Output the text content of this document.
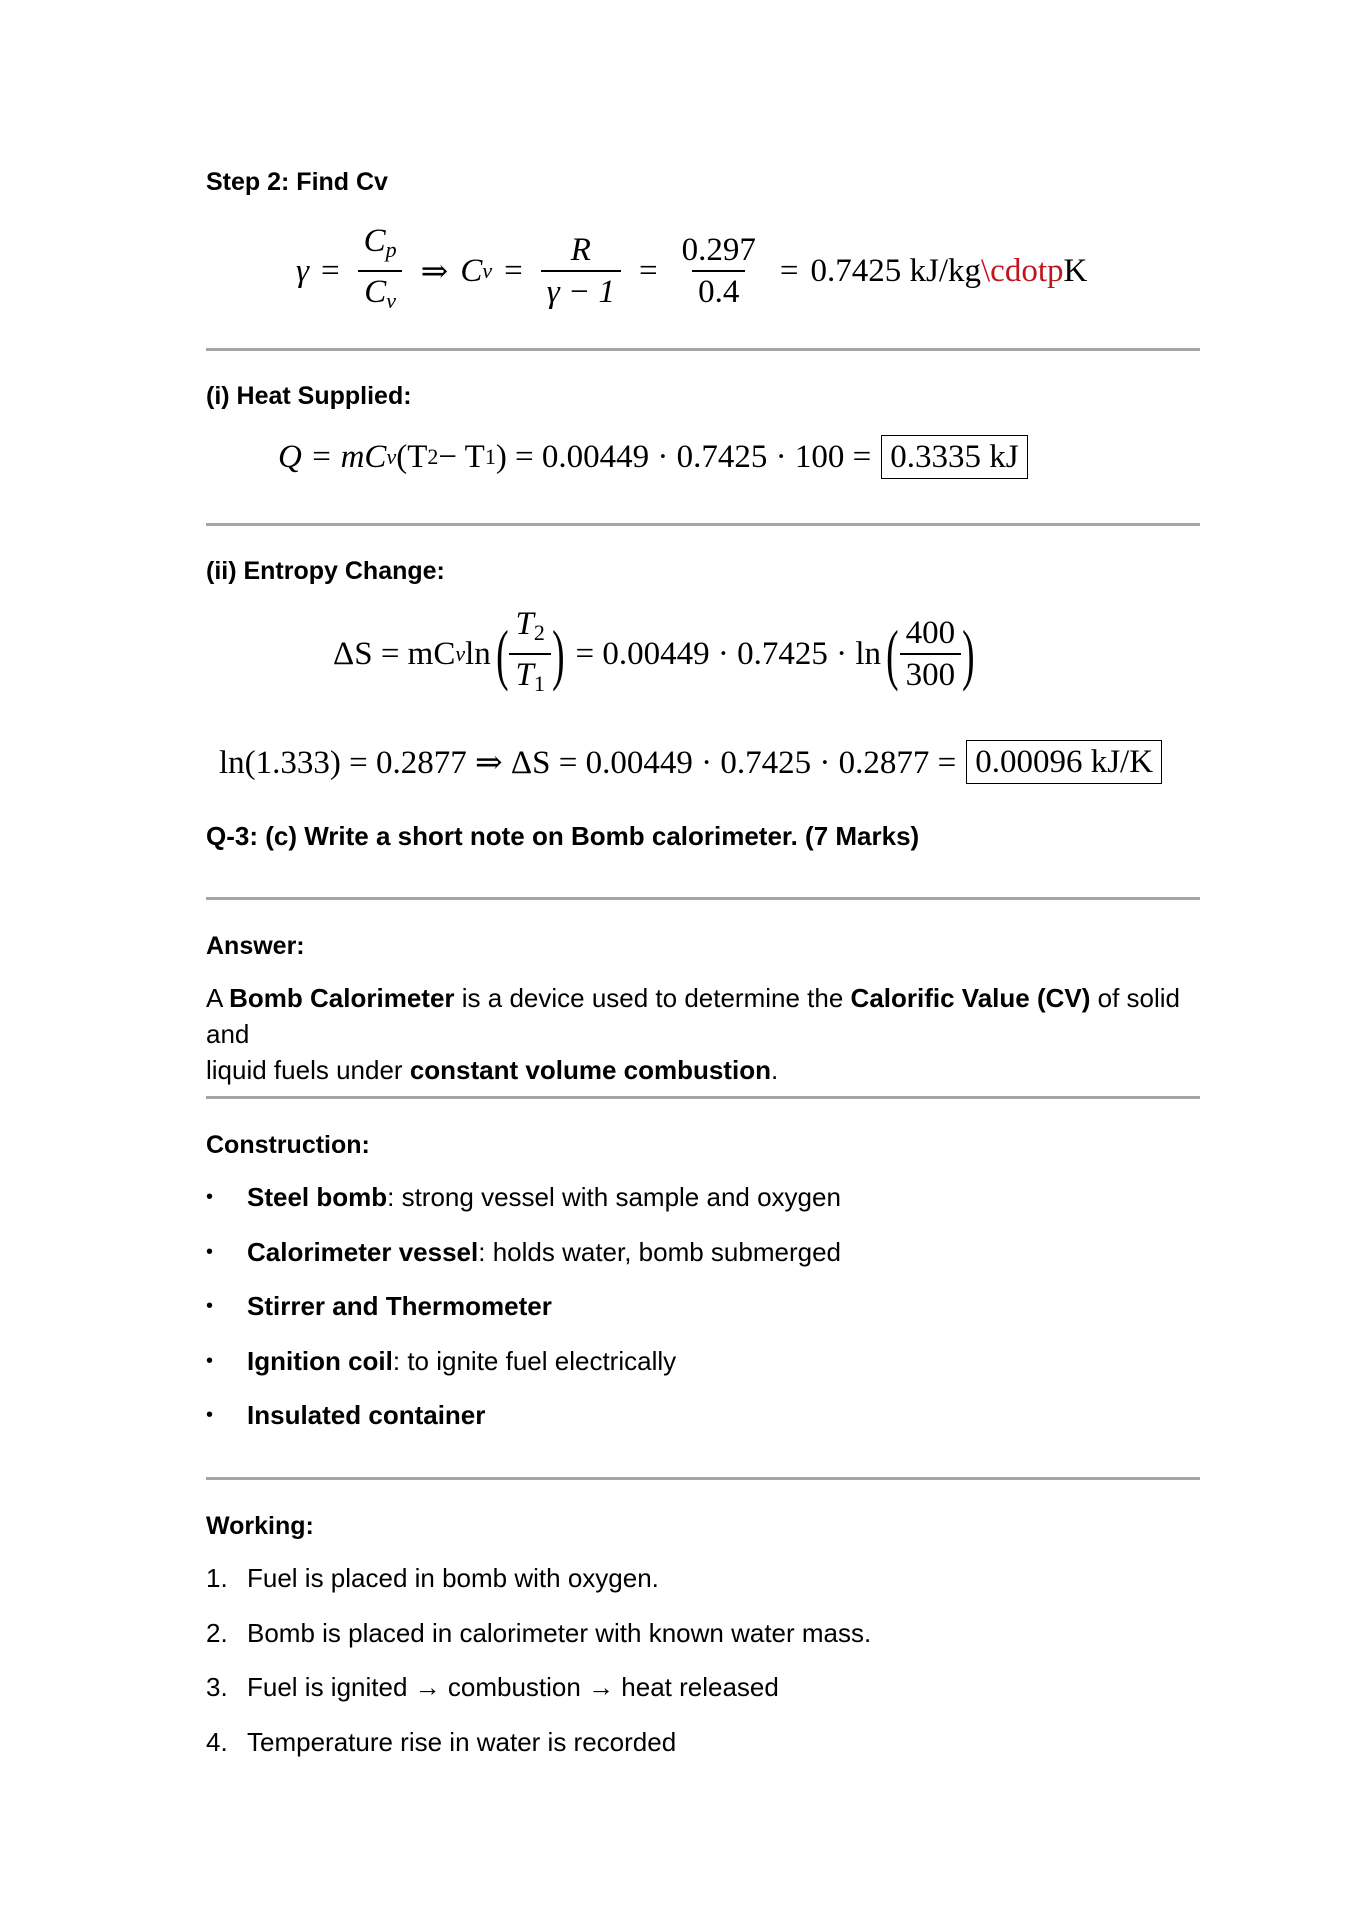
Step 2: Find Cv
$\gamma = \frac{C_p}{C_v}$ ⇒ C $v = \frac{R}{\gamma - 1} = \frac{0.297}{0.4} = 0.7425$ kJ/kg \cdotp K
(i) Heat Supplied:
Q = mC v (T 2 − T 1 ) = 0.00449 · 0.7425 · 100 = 0.3335 kJ
(ii) Entropy Change:
ΔS = mC v ln ( $\frac{T_2}{T_1}$ ) = 0.00449 · 0.7425 · ln ( $\frac{400}{300}$ )
ln(1.333) = 0.2877 ⇒ ΔS = 0.00449 · 0.7425 · 0.2877 = 0.00096 kJ/K
Q-3: (c) Write a short note on Bomb calorimeter. (7 Marks)
Answer:
A Bomb Calorimeter is a device used to determine the Calorific Value (CV) of solid and
liquid fuels under constant volume combustion.
Construction:
• Steel bomb: strong vessel with sample and oxygen
• Calorimeter vessel: holds water, bomb submerged
• Stirrer and Thermometer
• Ignition coil: to ignite fuel electrically
• Insulated container
Working:
1. Fuel is placed in bomb with oxygen.
2. Bomb is placed in calorimeter with known water mass.
3. Fuel is ignited → combustion → heat released
4. Temperature rise in water is recorded
